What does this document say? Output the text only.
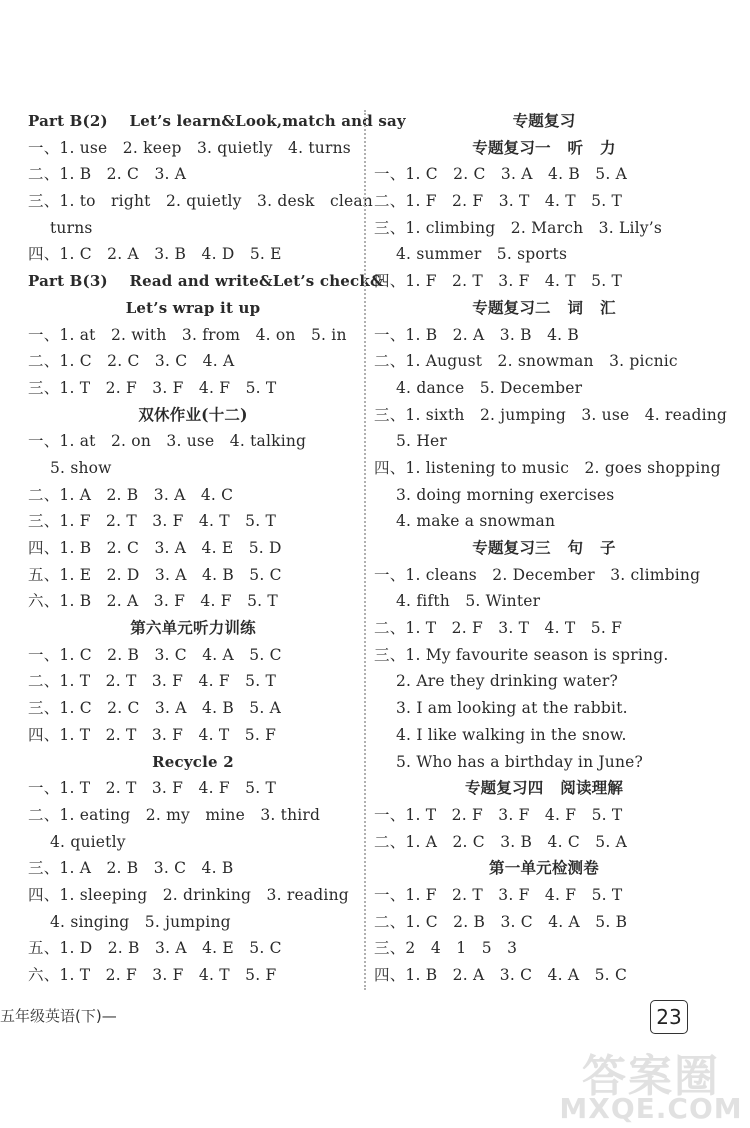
Part B(2)    Let’s learn&Look,match and say
一、1. use   2. keep   3. quietly   4. turns
二、1. B   2. C   3. A
三、1. to   right   2. quietly   3. desk   clean
turns
四、1. C   2. A   3. B   4. D   5. E
Part B(3)    Read and write&Let’s check&
Let’s wrap it up
一、1. at   2. with   3. from   4. on   5. in
二、1. C   2. C   3. C   4. A
三、1. T   2. F   3. F   4. F   5. T
双休作业(十二)
一、1. at   2. on   3. use   4. talking
5. show
二、1. A   2. B   3. A   4. C
三、1. F   2. T   3. F   4. T   5. T
四、1. B   2. C   3. A   4. E   5. D
五、1. E   2. D   3. A   4. B   5. C
六、1. B   2. A   3. F   4. F   5. T
第六单元听力训练
一、1. C   2. B   3. C   4. A   5. C
二、1. T   2. T   3. F   4. F   5. T
三、1. C   2. C   3. A   4. B   5. A
四、1. T   2. T   3. F   4. T   5. F
Recycle 2
一、1. T   2. T   3. F   4. F   5. T
二、1. eating   2. my   mine   3. third
4. quietly
三、1. A   2. B   3. C   4. B
四、1. sleeping   2. drinking   3. reading
4. singing   5. jumping
五、1. D   2. B   3. A   4. E   5. C
六、1. T   2. F   3. F   4. T   5. F
专题复习
专题复习一   听   力
一、1. C   2. C   3. A   4. B   5. A
二、1. F   2. F   3. T   4. T   5. T
三、1. climbing   2. March   3. Lily’s
4. summer   5. sports
四、1. F   2. T   3. F   4. T   5. T
专题复习二   词   汇
一、1. B   2. A   3. B   4. B
二、1. August   2. snowman   3. picnic
4. dance   5. December
三、1. sixth   2. jumping   3. use   4. reading
5. Her
四、1. listening to music   2. goes shopping
3. doing morning exercises
4. make a snowman
专题复习三   句   子
一、1. cleans   2. December   3. climbing
4. fifth   5. Winter
二、1. T   2. F   3. T   4. T   5. F
三、1. My favourite season is spring.
2. Are they drinking water?
3. I am looking at the rabbit.
4. I like walking in the snow.
5. Who has a birthday in June?
专题复习四   阅读理解
一、1. T   2. F   3. F   4. F   5. T
二、1. A   2. C   3. B   4. C   5. A
第一单元检测卷
一、1. F   2. T   3. F   4. F   5. T
二、1. C   2. B   3. C   4. A   5. B
三、2   4   1   5   3
四、1. B   2. A   3. C   4. A   5. C
五年级英语(下)—	23
答案圈
MXQE.COM
